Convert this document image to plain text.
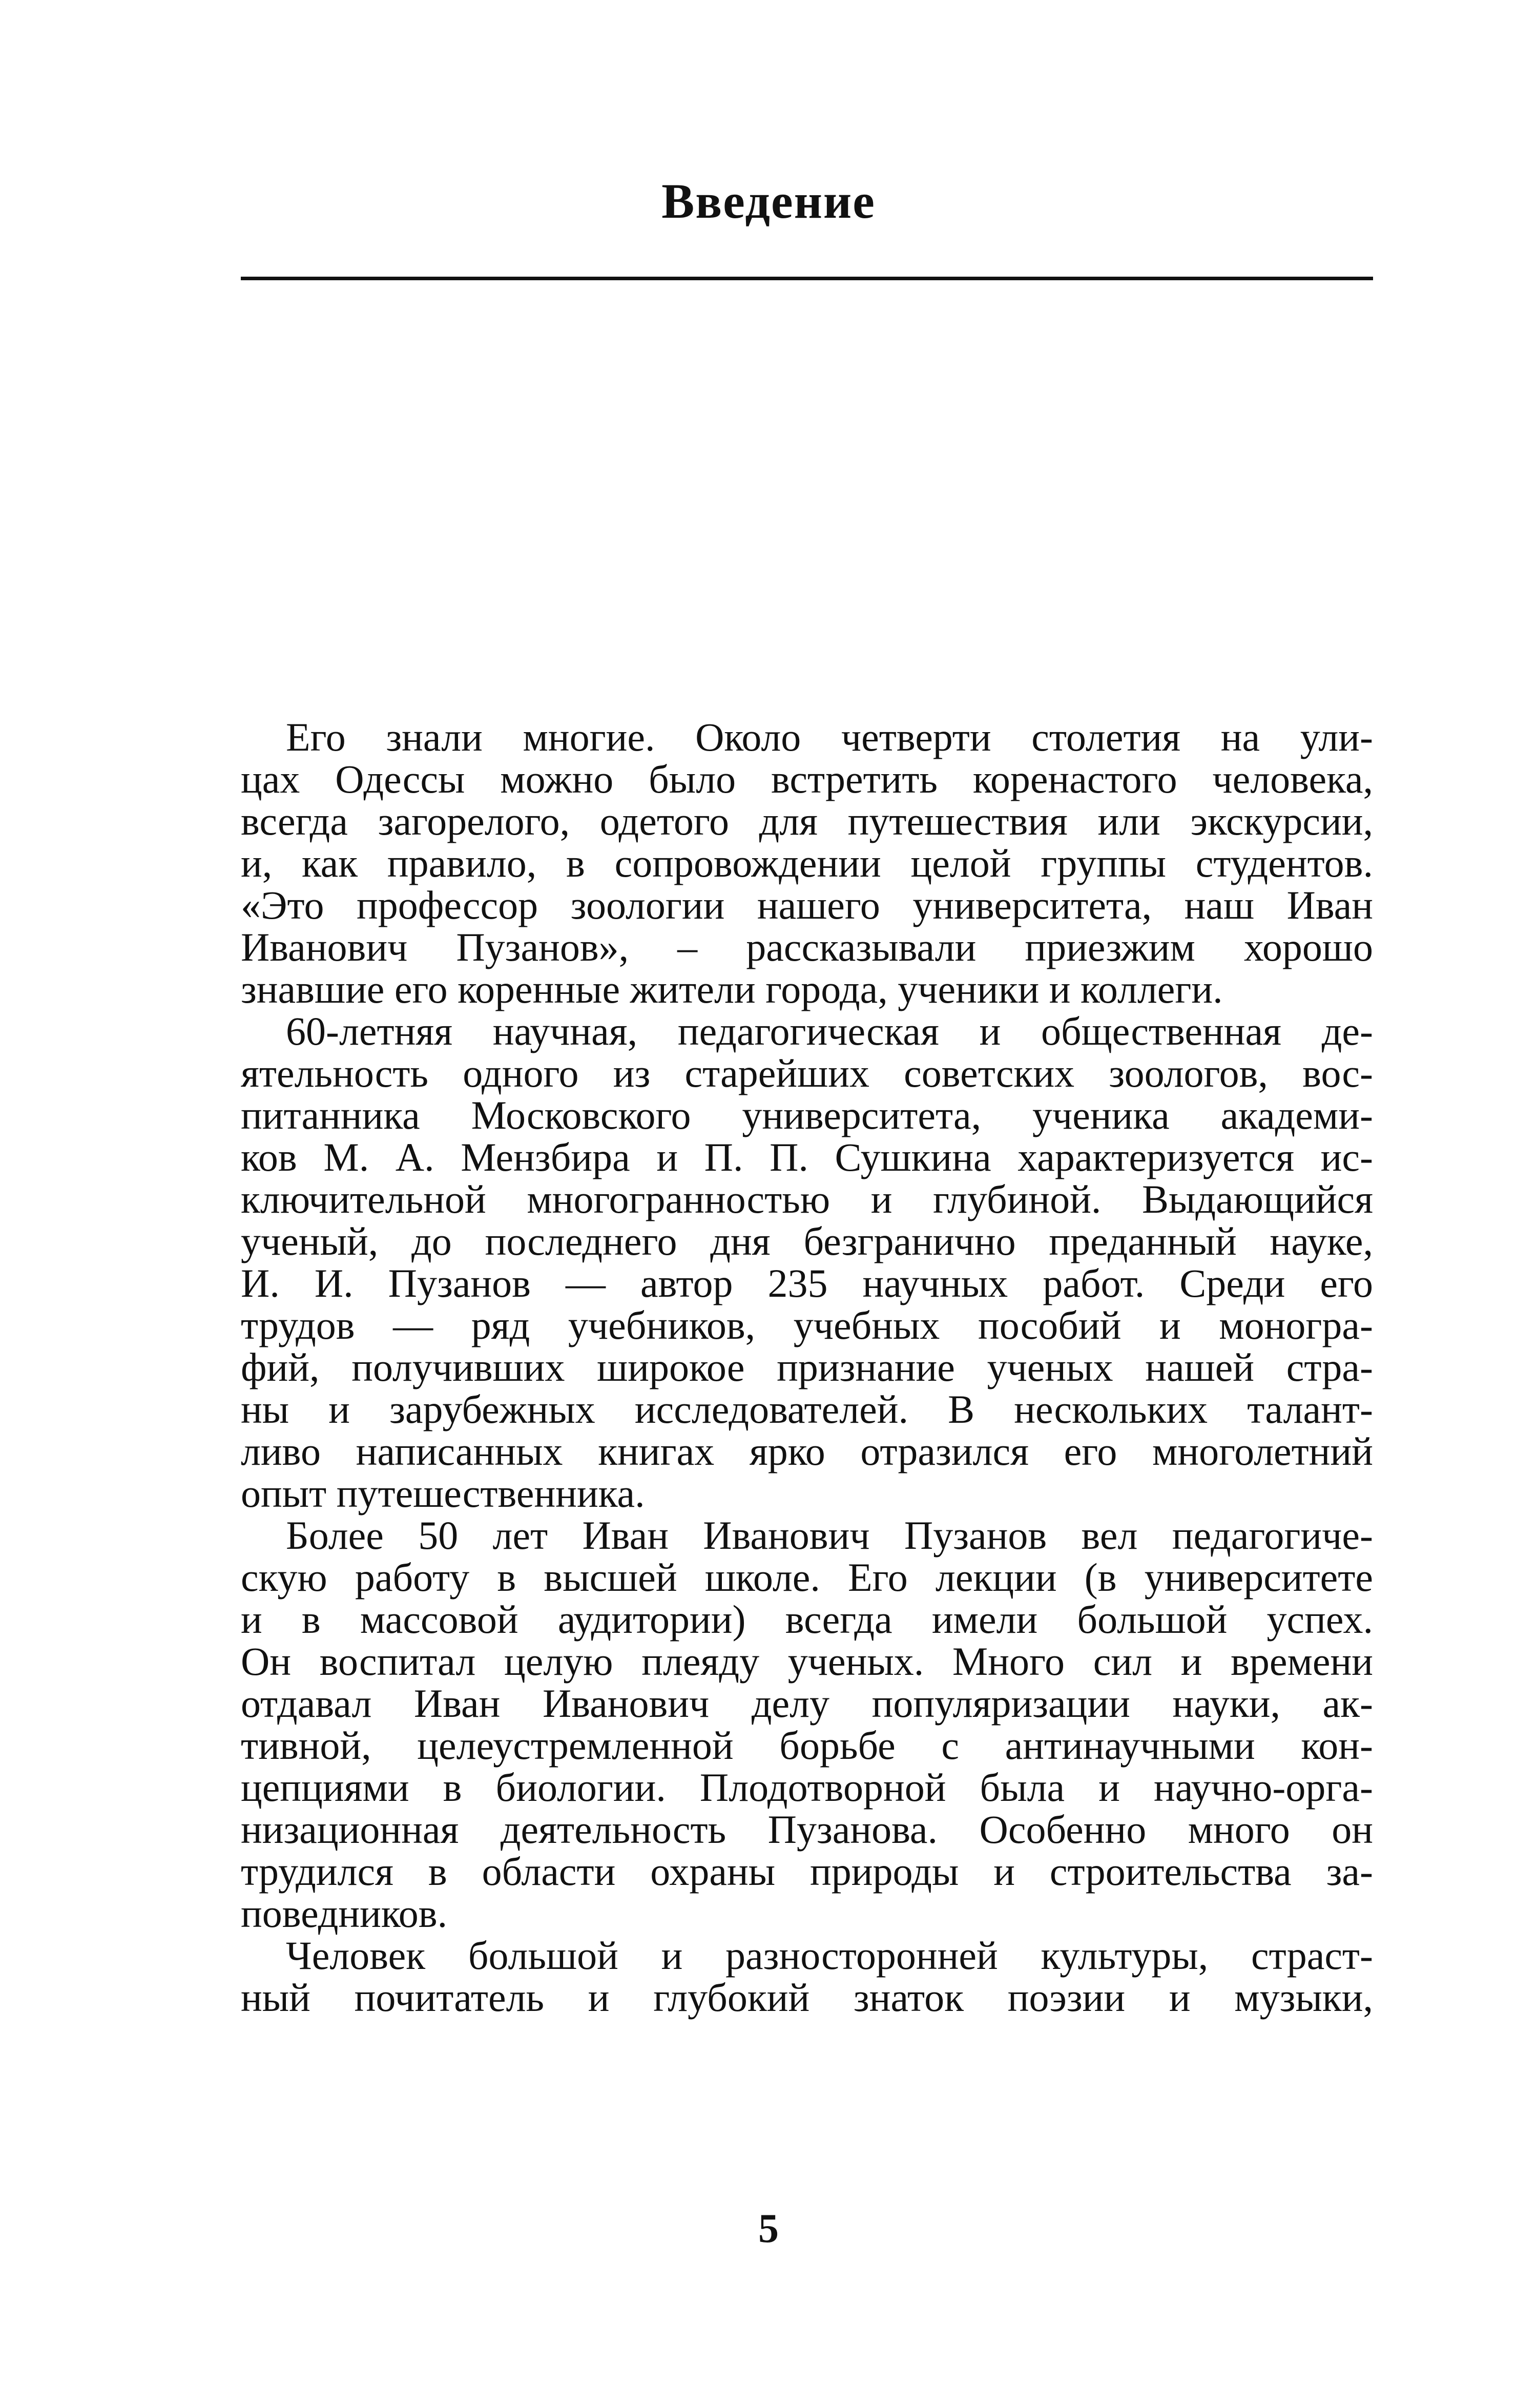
Введение
Его знали многие. Около четверти столетия на ули-
цах Одессы можно было встретить коренастого человека,
всегда загорелого, одетого для путешествия или экскурсии,
и, как правило, в сопровождении целой группы студентов.
«Это профессор зоологии нашего университета, наш Иван
Иванович Пузанов», – рассказывали приезжим хорошо
знавшие его коренные жители города, ученики и коллеги.
60-летняя научная, педагогическая и общественная де-
ятельность одного из старейших советских зоологов, вос-
питанника Московского университета, ученика академи-
ков М. А. Мензбира и П. П. Сушкина характеризуется ис-
ключительной многогранностью и глубиной. Выдающийся
ученый, до последнего дня безгранично преданный науке,
И. И. Пузанов — автор 235 научных работ. Среди его
трудов — ряд учебников, учебных пособий и моногра-
фий, получивших широкое признание ученых нашей стра-
ны и зарубежных исследователей. В нескольких талант-
ливо написанных книгах ярко отразился его многолетний
опыт путешественника.
Более 50 лет Иван Иванович Пузанов вел педагогиче-
скую работу в высшей школе. Его лекции (в университете
и в массовой аудитории) всегда имели большой успех.
Он воспитал целую плеяду ученых. Много сил и времени
отдавал Иван Иванович делу популяризации науки, ак-
тивной, целеустремленной борьбе с антинаучными кон-
цепциями в биологии. Плодотворной была и научно-орга-
низационная деятельность Пузанова. Особенно много он
трудился в области охраны природы и строительства за-
поведников.
Человек большой и разносторонней культуры, страст-
ный почитатель и глубокий знаток поэзии и музыки,
5
